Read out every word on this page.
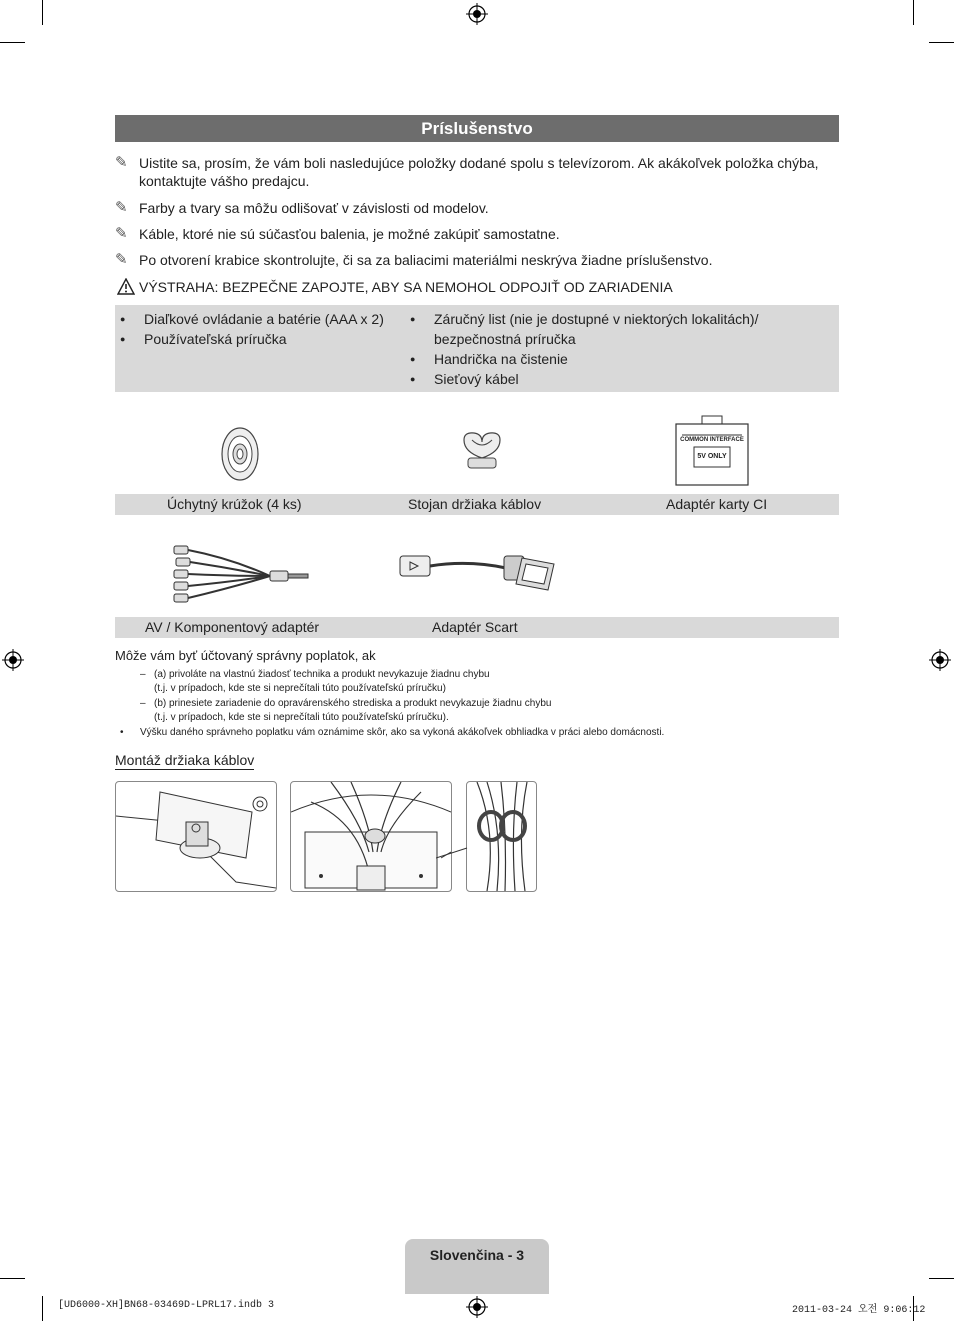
Príslušenstvo
✎ Uistite sa, prosím, že vám boli nasledujúce položky dodané spolu s televízorom. Ak akákoľvek položka chýba, kontaktujte vášho predajcu.
✎ Farby a tvary sa môžu odlišovať v závislosti od modelov.
✎ Káble, ktoré nie sú súčasťou balenia, je možné zakúpiť samostatne.
✎ Po otvorení krabice skontrolujte, či sa za baliacimi materiálmi neskrýva žiadne príslušenstvo.
VÝSTRAHA: BEZPEČNE ZAPOJTE, ABY SA NEMOHOL ODPOJIŤ OD ZARIADENIA
● Diaľkové ovládanie a batérie (AAA x 2)
● Používateľská príručka
● Záručný list (nie je dostupné v niektorých lokalitách)/ bezpečnostná príručka
● Handrička na čistenie
● Sieťový kábel
COMMON INTERFACE
5V ONLY
Úchytný krúžok (4 ks)	Stojan držiaka káblov	Adaptér karty CI
AV / Komponentový adaptér	Adaptér Scart
Môže vám byť účtovaný správny poplatok, ak
– (a) privoláte na vlastnú žiadosť technika a produkt nevykazuje žiadnu chybu
(t.j. v prípadoch, kde ste si neprečítali túto používateľskú príručku)
– (b) prinesiete zariadenie do opravárenského strediska a produkt nevykazuje žiadnu chybu
(t.j. v prípadoch, kde ste si neprečítali túto používateľskú príručku).
• Výšku daného správneho poplatku vám oznámime skôr, ako sa vykoná akákoľvek obhliadka v práci alebo domácnosti.
Montáž držiaka káblov
Slovenčina - 3
[UD6000-XH]BN68-03469D-LPRL17.indb 3	2011-03-24 오전 9:06:12
